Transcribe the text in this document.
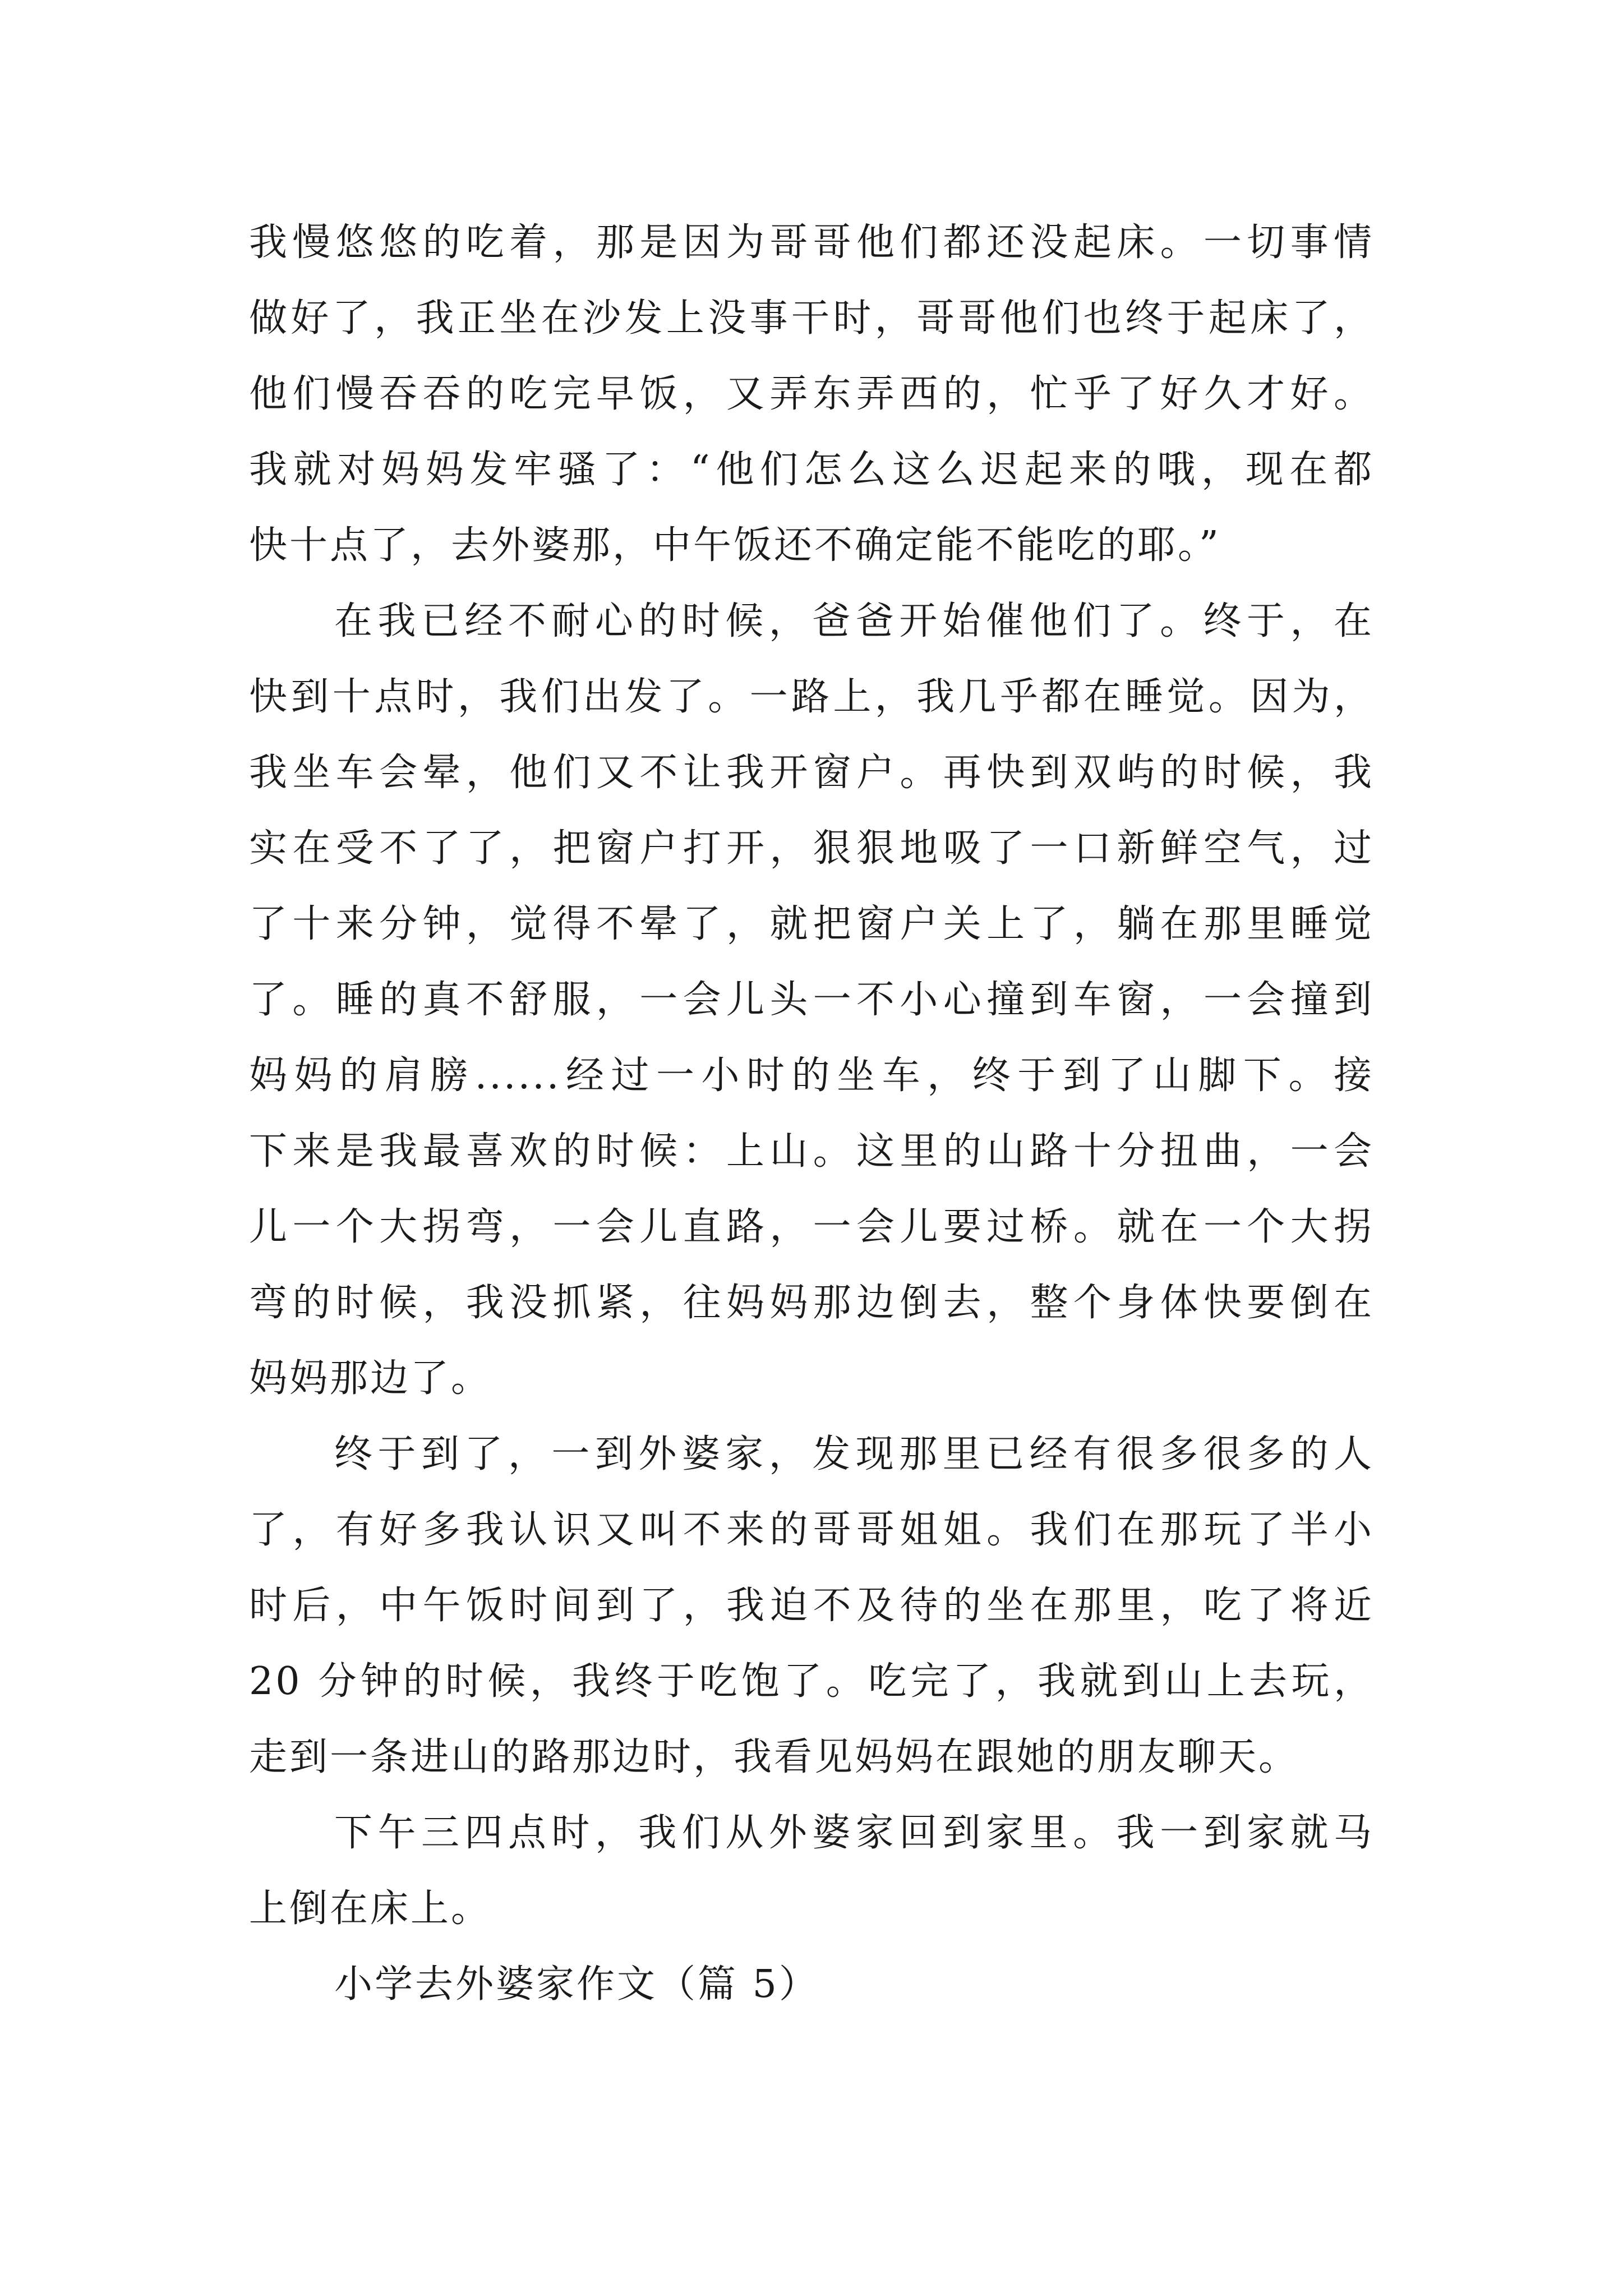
我慢悠悠的吃着，那是因为哥哥他们都还没起床。一切事情
做好了，我正坐在沙发上没事干时，哥哥他们也终于起床了，
他们慢吞吞的吃完早饭，又弄东弄西的，忙乎了好久才好。
我就对妈妈发牢骚了：“他们怎么这么迟起来的哦，现在都
快十点了，去外婆那，中午饭还不确定能不能吃的耶。”
在我已经不耐心的时候，爸爸开始催他们了。终于，在
快到十点时，我们出发了。一路上，我几乎都在睡觉。因为，
我坐车会晕，他们又不让我开窗户。再快到双屿的时候，我
实在受不了了，把窗户打开，狠狠地吸了一口新鲜空气，过
了十来分钟，觉得不晕了，就把窗户关上了，躺在那里睡觉
了。睡的真不舒服，一会儿头一不小心撞到车窗，一会撞到
妈妈的肩膀......经过一小时的坐车，终于到了山脚下。接
下来是我最喜欢的时候：上山。这里的山路十分扭曲，一会
儿一个大拐弯，一会儿直路，一会儿要过桥。就在一个大拐
弯的时候，我没抓紧，往妈妈那边倒去，整个身体快要倒在
妈妈那边了。
终于到了，一到外婆家，发现那里已经有很多很多的人
了，有好多我认识又叫不来的哥哥姐姐。我们在那玩了半小
时后，中午饭时间到了，我迫不及待的坐在那里，吃了将近
20 分钟的时候，我终于吃饱了。吃完了，我就到山上去玩，
走到一条进山的路那边时，我看见妈妈在跟她的朋友聊天。
下午三四点时，我们从外婆家回到家里。我一到家就马
上倒在床上。
小学去外婆家作文（篇 5）
